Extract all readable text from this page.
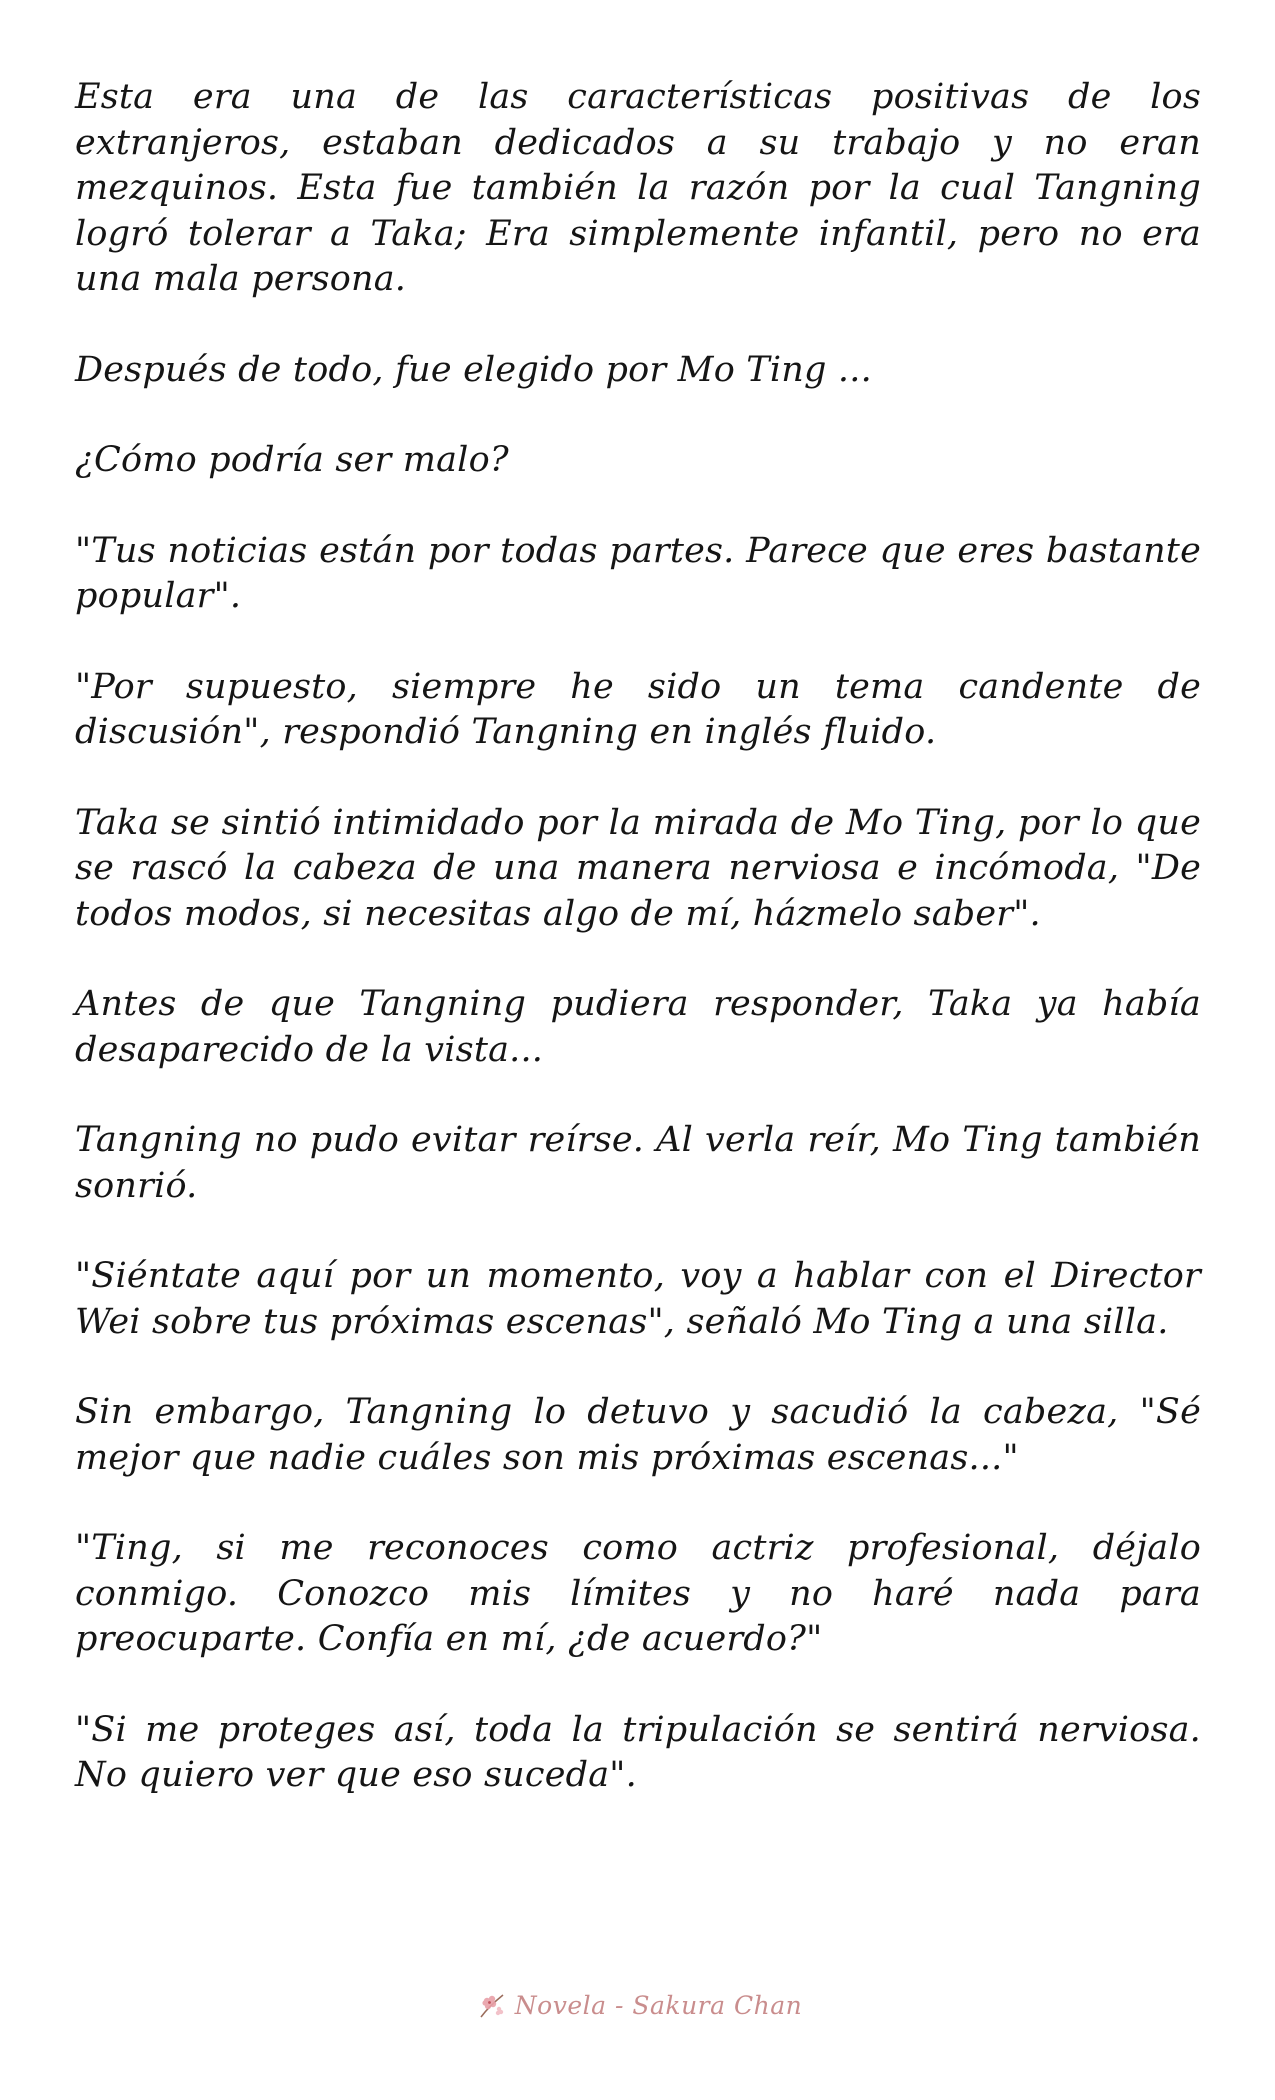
Esta era una de las características positivas de los extranjeros, estaban dedicados a su trabajo y no eran mezquinos. Esta fue también la razón por la cual Tangning logró tolerar a Taka; Era simplemente infantil, pero no era una mala persona.

Después de todo, fue elegido por Mo Ting ...

¿Cómo podría ser malo?

"Tus noticias están por todas partes. Parece que eres bastante popular".

"Por supuesto, siempre he sido un tema candente de discusión", respondió Tangning en inglés fluido.

Taka se sintió intimidado por la mirada de Mo Ting, por lo que se rascó la cabeza de una manera nerviosa e incómoda, "De todos modos, si necesitas algo de mí, házmelo saber".

Antes de que Tangning pudiera responder, Taka ya había desaparecido de la vista...

Tangning no pudo evitar reírse. Al verla reír, Mo Ting también sonrió.

"Siéntate aquí por un momento, voy a hablar con el Director Wei sobre tus próximas escenas", señaló Mo Ting a una silla.

Sin embargo, Tangning lo detuvo y sacudió la cabeza, "Sé mejor que nadie cuáles son mis próximas escenas..."

"Ting, si me reconoces como actriz profesional, déjalo conmigo. Conozco mis límites y no haré nada para preocuparte. Confía en mí, ¿de acuerdo?"

"Si me proteges así, toda la tripulación se sentirá nerviosa. No quiero ver que eso suceda".

Novela - Sakura Chan
